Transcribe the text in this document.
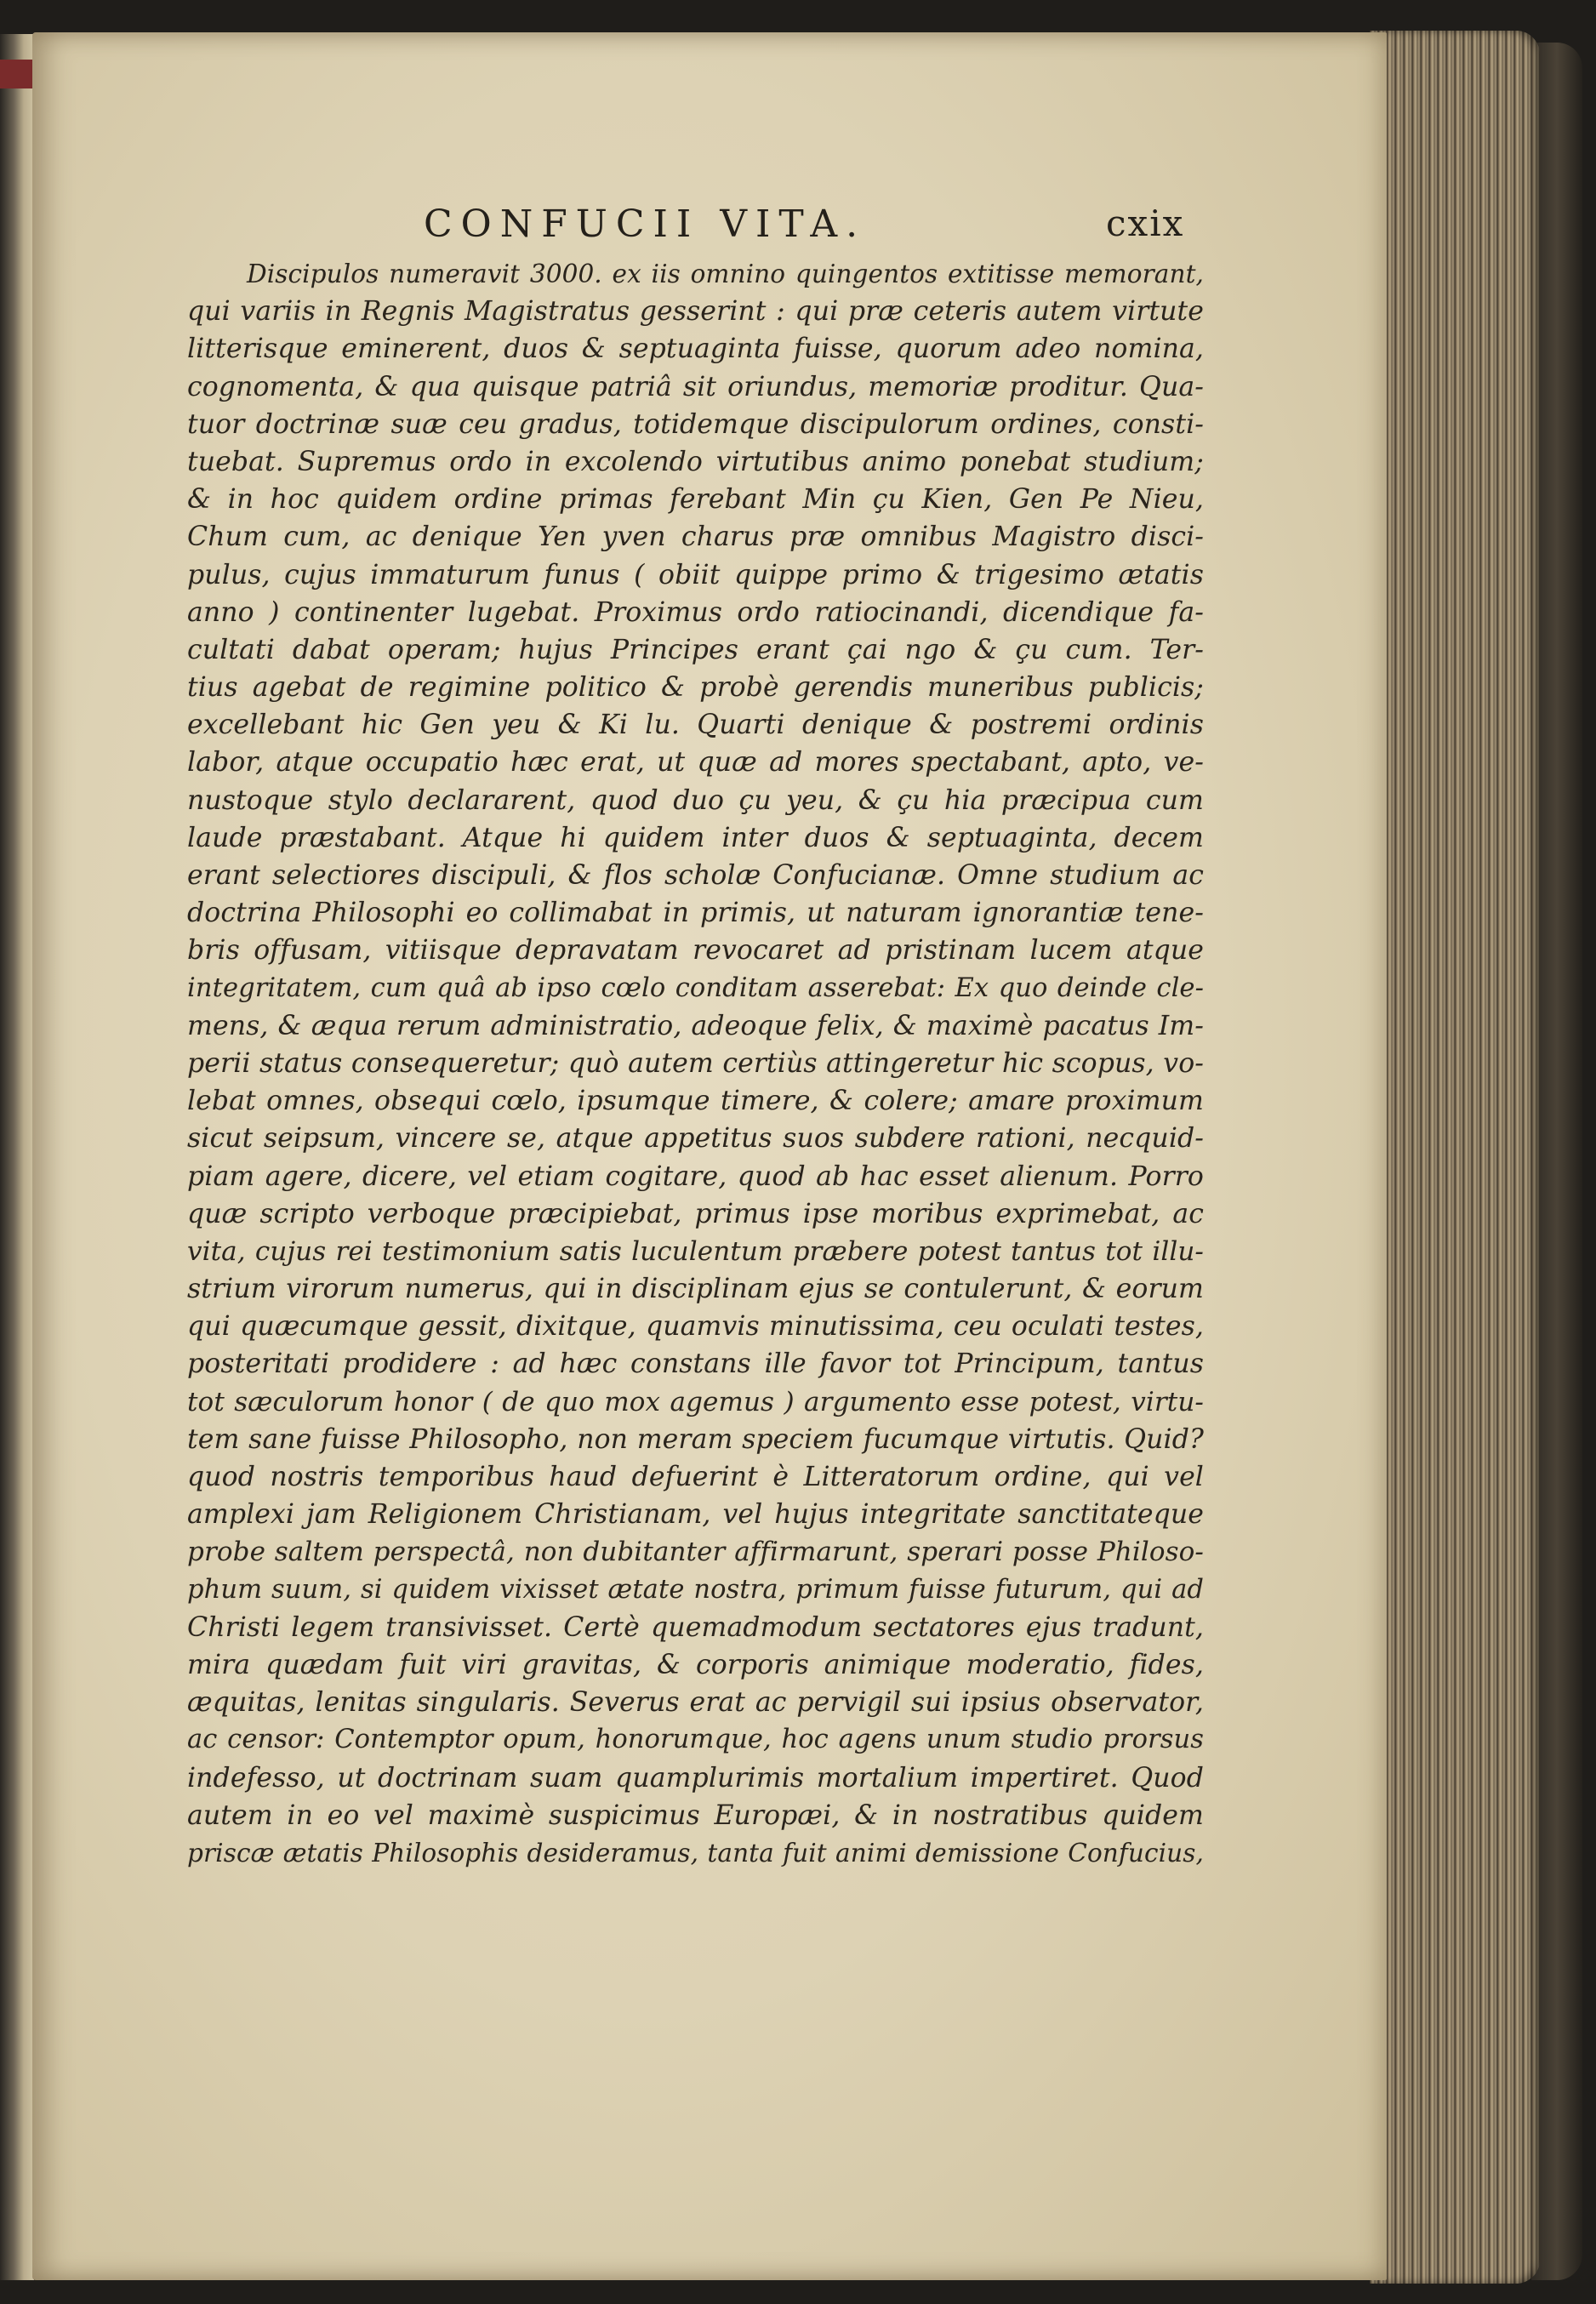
CONFUCII VITA.	cxix
Discipulos numeravit 3000. ex iis omnino quingentos extitisse memorant,
qui variis in Regnis Magistratus gesserint : qui præ ceteris autem virtute
litterisque eminerent, duos & septuaginta fuisse, quorum adeo nomina,
cognomenta, & qua quisque patriâ sit oriundus, memoriæ proditur. Qua-
tuor doctrinæ suæ ceu gradus, totidemque discipulorum ordines, consti-
tuebat. Supremus ordo in excolendo virtutibus animo ponebat studium;
& in hoc quidem ordine primas ferebant Min çu Kien, Gen Pe Nieu,
Chum cum, ac denique Yen yven charus præ omnibus Magistro disci-
pulus, cujus immaturum funus ( obiit quippe primo & trigesimo ætatis
anno ) continenter lugebat. Proximus ordo ratiocinandi, dicendique fa-
cultati dabat operam; hujus Principes erant çai ngo & çu cum. Ter-
tius agebat de regimine politico & probè gerendis muneribus publicis;
excellebant hic Gen yeu & Ki lu. Quarti denique & postremi ordinis
labor, atque occupatio hæc erat, ut quæ ad mores spectabant, apto, ve-
nustoque stylo declararent, quod duo çu yeu, & çu hia præcipua cum
laude præstabant. Atque hi quidem inter duos & septuaginta, decem
erant selectiores discipuli, & flos scholæ Confucianæ. Omne studium ac
doctrina Philosophi eo collimabat in primis, ut naturam ignorantiæ tene-
bris offusam, vitiisque depravatam revocaret ad pristinam lucem atque
integritatem, cum quâ ab ipso cœlo conditam asserebat: Ex quo deinde cle-
mens, & æqua rerum administratio, adeoque felix, & maximè pacatus Im-
perii status consequeretur; quò autem certiùs attingeretur hic scopus, vo-
lebat omnes, obsequi cœlo, ipsumque timere, & colere; amare proximum
sicut seipsum, vincere se, atque appetitus suos subdere rationi, necquid-
piam agere, dicere, vel etiam cogitare, quod ab hac esset alienum. Porro
quæ scripto verboque præcipiebat, primus ipse moribus exprimebat, ac
vita, cujus rei testimonium satis luculentum præbere potest tantus tot illu-
strium virorum numerus, qui in disciplinam ejus se contulerunt, & eorum
qui quæcumque gessit, dixitque, quamvis minutissima, ceu oculati testes,
posteritati prodidere : ad hæc constans ille favor tot Principum, tantus
tot sæculorum honor ( de quo mox agemus ) argumento esse potest, virtu-
tem sane fuisse Philosopho, non meram speciem fucumque virtutis. Quid?
quod nostris temporibus haud defuerint è Litteratorum ordine, qui vel
amplexi jam Religionem Christianam, vel hujus integritate sanctitateque
probe saltem perspectâ, non dubitanter affirmarunt, sperari posse Philoso-
phum suum, si quidem vixisset ætate nostra, primum fuisse futurum, qui ad
Christi legem transivisset. Certè quemadmodum sectatores ejus tradunt,
mira quædam fuit viri gravitas, & corporis animique moderatio, fides,
æquitas, lenitas singularis. Severus erat ac pervigil sui ipsius observator,
ac censor: Contemptor opum, honorumque, hoc agens unum studio prorsus
indefesso, ut doctrinam suam quamplurimis mortalium impertiret. Quod
autem in eo vel maximè suspicimus Europæi, & in nostratibus quidem
priscæ ætatis Philosophis desideramus, tanta fuit animi demissione Confucius,
